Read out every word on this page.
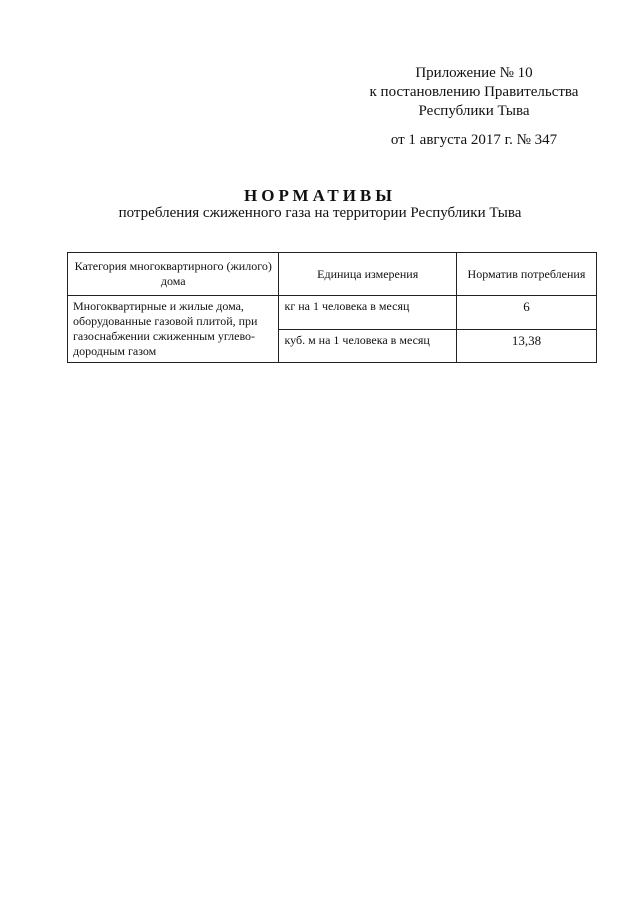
Приложение № 10
к постановлению Правительства
Республики Тыва
от 1 августа 2017 г. № 347
НОРМАТИВЫ
потребления сжиженного газа на территории Республики Тыва
Категория многоквартирного (жилого) дома	Единица измерения	Норматив потребления
Многоквартирные и жилые дома, оборудованные газовой плитой, при газоснабжении сжиженным углево-дородным газом	кг на 1 человека в месяц	6
	куб. м на 1 человека в месяц	13,38
